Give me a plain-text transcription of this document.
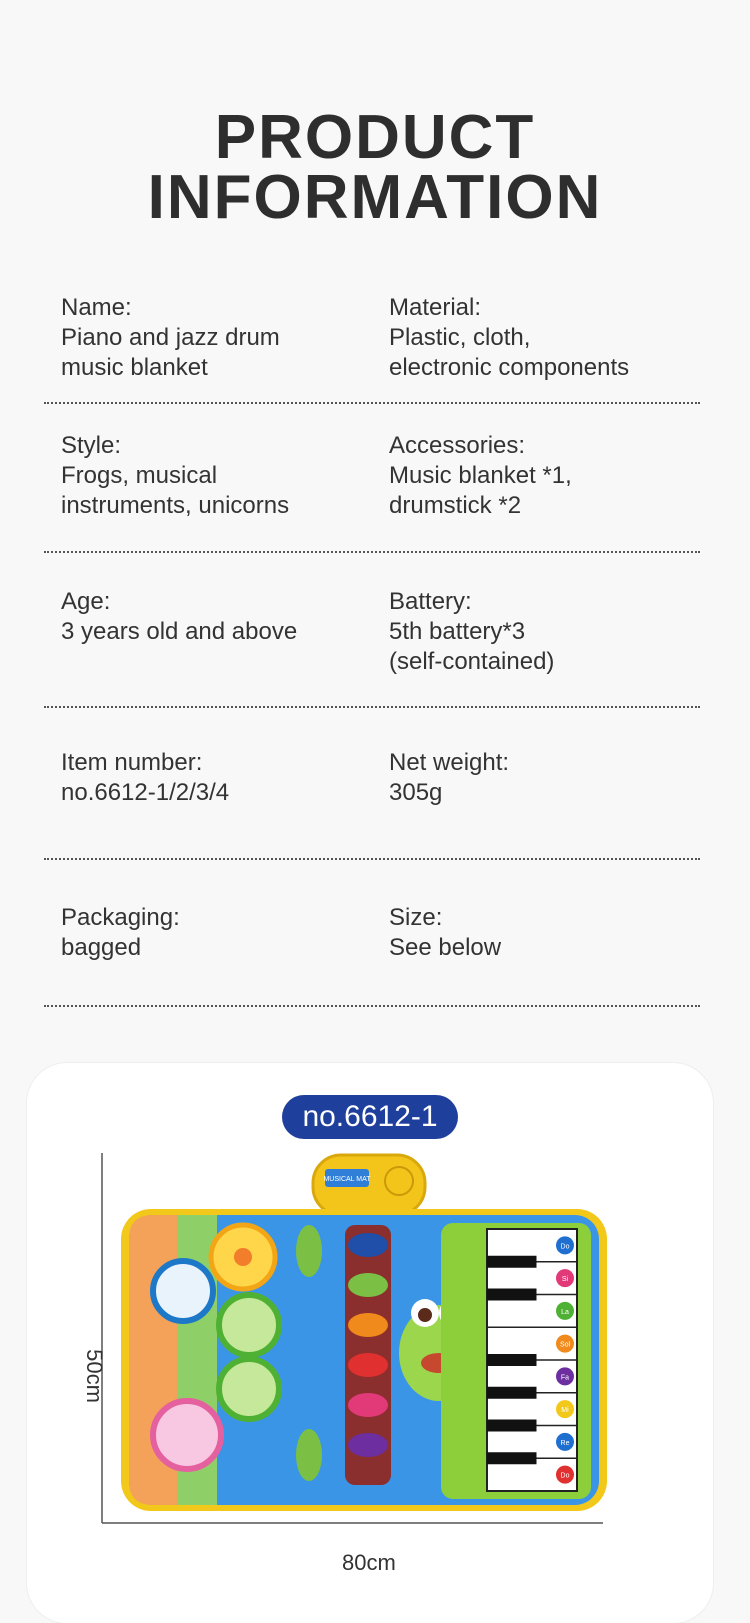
PRODUCT
INFORMATION
Name:
Piano and jazz drum
music blanket
Material:
Plastic, cloth,
electronic components
Style:
Frogs, musical
instruments, unicorns
Accessories:
Music blanket *1,
drumstick *2
Age:
3 years old and above
Battery:
5th battery*3
(self-contained)
Item number:
no.6612-1/2/3/4
Net weight:
305g
Packaging:
bagged
Size:
See below
no.6612-1
MUSICAL MAT
Do
Si
La
Sol
Fa
Mi
Re
Do
50cm
80cm
